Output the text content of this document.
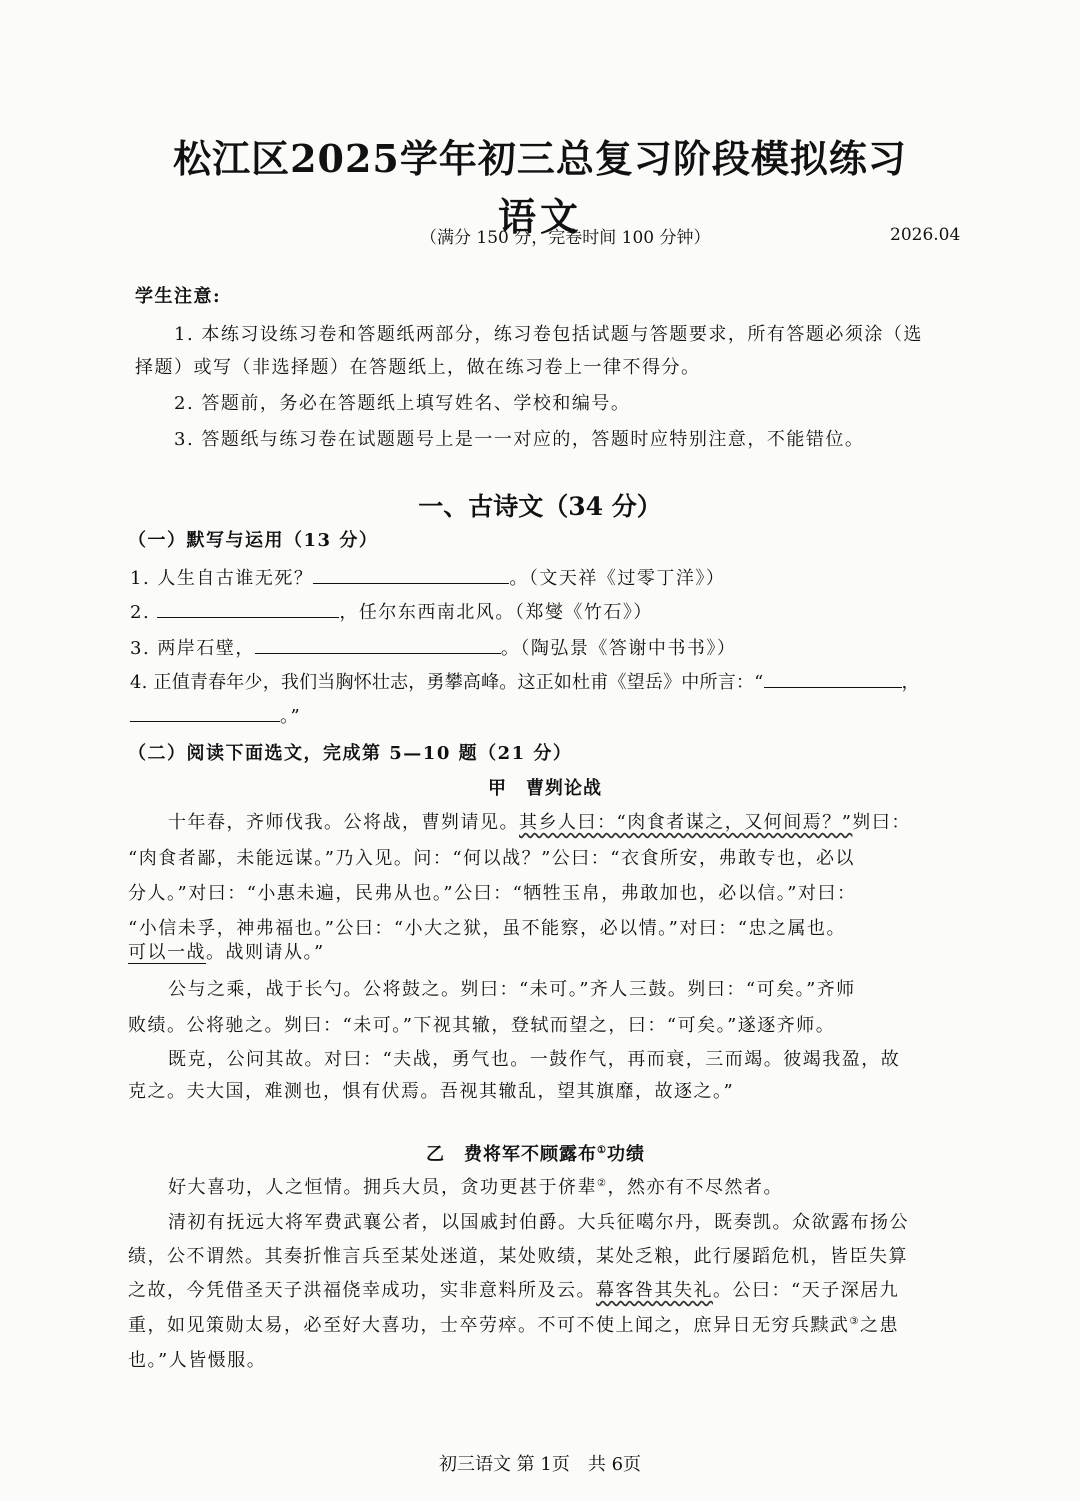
松江区2025学年初三总复习阶段模拟练习
语文
（满分 150 分，完卷时间 100 分钟）	2026.04
学生注意:
1. 本练习设练习卷和答题纸两部分，练习卷包括试题与答题要求，所有答题必须涂（选
择题）或写（非选择题）在答题纸上，做在练习卷上一律不得分。
2. 答题前，务必在答题纸上填写姓名、学校和编号。
3. 答题纸与练习卷在试题题号上是一一对应的，答题时应特别注意，不能错位。
一、古诗文（34 分）
（一）默写与运用（13 分）
1. 人生自古谁无死？	。（文天祥《过零丁洋》）
2.	，任尔东西南北风。（郑燮《竹石》）
3. 两岸石壁，	。（陶弘景《答谢中书书》）
4. 正值青春年少，我们当胸怀壮志，勇攀高峰。这正如杜甫《望岳》中所言：“	，
。”
（二）阅读下面选文，完成第 5—10 题（21 分）
甲　曹刿论战
十年春，齐师伐我。公将战，曹刿请见。其乡人曰：“肉食者谋之，又何间焉？”刿曰：
“肉食者鄙，未能远谋。”乃入见。问：“何以战？”公曰：“衣食所安，弗敢专也，必以
分人。”对曰：“小惠未遍，民弗从也。”公曰：“牺牲玉帛，弗敢加也，必以信。”对曰：
“小信未孚，神弗福也。”公曰：“小大之狱，虽不能察，必以情。”对曰：“忠之属也。
可以一战。战则请从。”
公与之乘，战于长勺。公将鼓之。刿曰：“未可。”齐人三鼓。刿曰：“可矣。”齐师
败绩。公将驰之。刿曰：“未可。”下视其辙，登轼而望之，曰：“可矣。”遂逐齐师。
既克，公问其故。对曰：“夫战，勇气也。一鼓作气，再而衰，三而竭。彼竭我盈，故
克之。夫大国，难测也，惧有伏焉。吾视其辙乱，望其旗靡，故逐之。”
乙　费将军不顾露布①功绩
好大喜功，人之恒情。拥兵大员，贪功更甚于侪辈②，然亦有不尽然者。
清初有抚远大将军费武襄公者，以国戚封伯爵。大兵征噶尔丹，既奏凯。众欲露布扬公
绩，公不谓然。其奏折惟言兵至某处迷道，某处败绩，某处乏粮，此行屡蹈危机，皆臣失算
之故，今凭借圣天子洪福侥幸成功，实非意料所及云。幕客咎其失礼。公曰：“天子深居九
重，如见策勋太易，必至好大喜功，士卒劳瘁。不可不使上闻之，庶异日无穷兵黩武③之患
也。”人皆慑服。
初三语文 第 1页　共 6页
